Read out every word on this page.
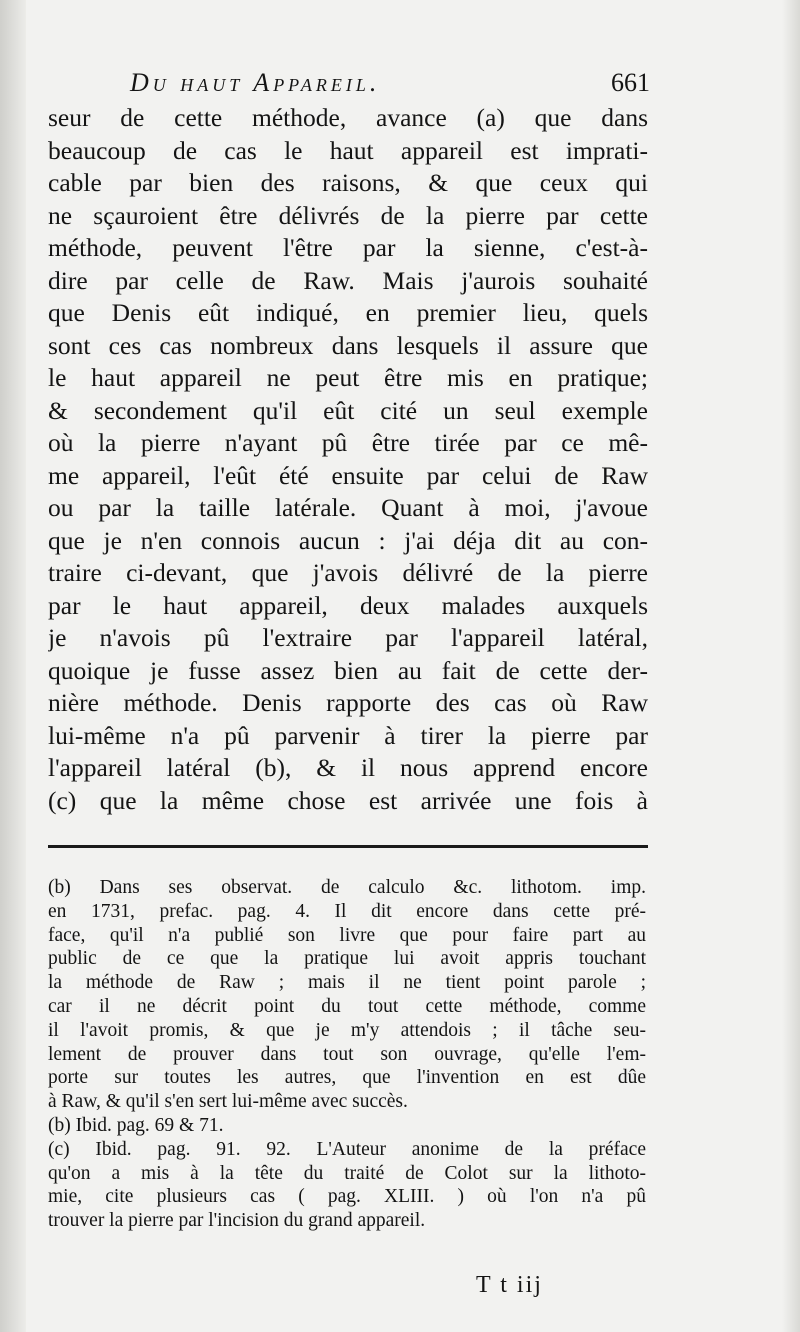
Du haut Appareil.	661
seur de cette méthode, avance (a) que dans
beaucoup de cas le haut appareil est imprati-
cable par bien des raisons, & que ceux qui
ne sçauroient être délivrés de la pierre par cette
méthode, peuvent l'être par la sienne, c'est-à-
dire par celle de Raw. Mais j'aurois souhaité
que Denis eût indiqué, en premier lieu, quels
sont ces cas nombreux dans lesquels il assure que
le haut appareil ne peut être mis en pratique;
& secondement qu'il eût cité un seul exemple
où la pierre n'ayant pû être tirée par ce mê-
me appareil, l'eût été ensuite par celui de Raw
ou par la taille latérale. Quant à moi, j'avoue
que je n'en connois aucun : j'ai déja dit au con-
traire ci-devant, que j'avois délivré de la pierre
par le haut appareil, deux malades auxquels
je n'avois pû l'extraire par l'appareil latéral,
quoique je fusse assez bien au fait de cette der-
nière méthode. Denis rapporte des cas où Raw
lui-même n'a pû parvenir à tirer la pierre par
l'appareil latéral (b), & il nous apprend encore
(c) que la même chose est arrivée une fois à
(b) Dans ses observat. de calculo &c. lithotom. imp.
en 1731, prefac. pag. 4. Il dit encore dans cette pré-
face, qu'il n'a publié son livre que pour faire part au
public de ce que la pratique lui avoit appris touchant
la méthode de Raw ; mais il ne tient point parole ;
car il ne décrit point du tout cette méthode, comme
il l'avoit promis, & que je m'y attendois ; il tâche seu-
lement de prouver dans tout son ouvrage, qu'elle l'em-
porte sur toutes les autres, que l'invention en est dûe
à Raw, & qu'il s'en sert lui-même avec succès.
(b) Ibid. pag. 69 & 71.
(c) Ibid. pag. 91. 92. L'Auteur anonime de la préface
qu'on a mis à la tête du traité de Colot sur la lithoto-
mie, cite plusieurs cas ( pag. XLIII. ) où l'on n'a pû
trouver la pierre par l'incision du grand appareil.
T t iij
